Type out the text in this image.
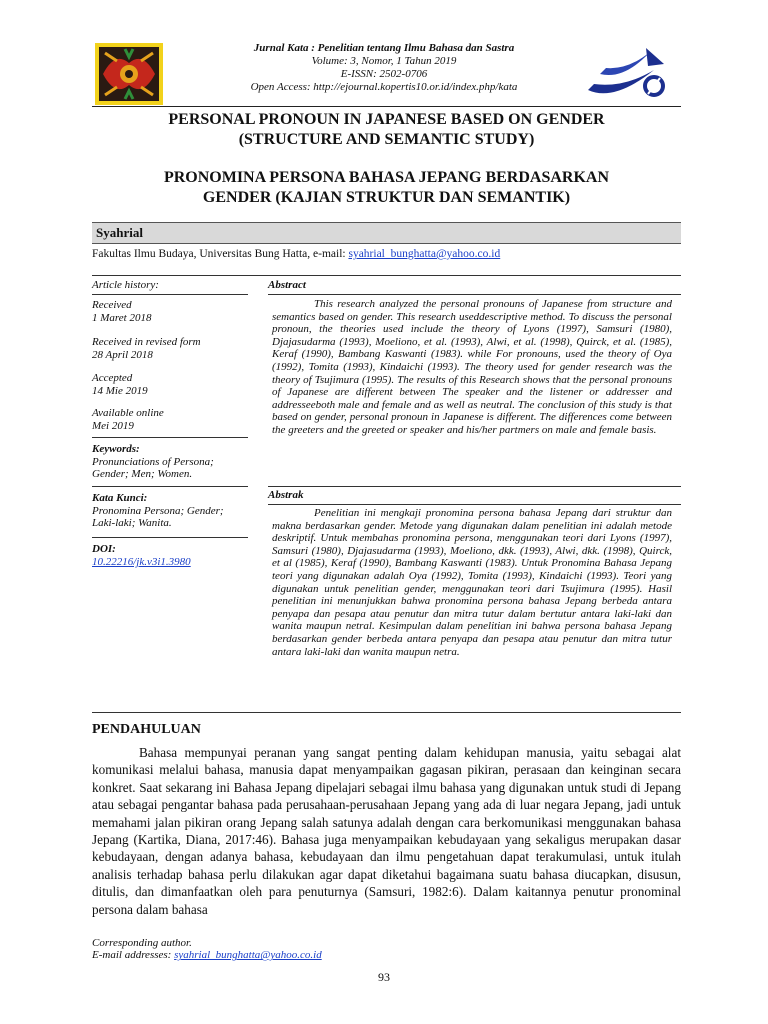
Jurnal Kata : Penelitian tentang Ilmu Bahasa dan Sastra
Volume: 3, Nomor, 1 Tahun 2019
E-ISSN: 2502-0706
Open Access: http://ejournal.kopertis10.or.id/index.php/kata
PERSONAL PRONOUN IN JAPANESE BASED ON GENDER
(STRUCTURE AND SEMANTIC STUDY)
PRONOMINA PERSONA BAHASA JEPANG BERDASARKAN
GENDER (KAJIAN STRUKTUR DAN SEMANTIK)
Syahrial
Fakultas Ilmu Budaya, Universitas Bung Hatta, e-mail: syahrial_bunghatta@yahoo.co.id
Article history:
Received
1 Maret 2018
Received in revised form
28 April 2018
Accepted
14 Mie 2019
Available online
Mei 2019
Keywords:
Pronunciations of Persona; Gender; Men; Women.
Kata Kunci:
Pronomina Persona; Gender; Laki-laki; Wanita.
DOI:
10.22216/jk.v3i1.3980
Abstract
This research analyzed the personal pronouns of Japanese from structure and semantics based on gender. This research useddescriptive method. To discuss the personal pronoun, the theories used include the theory of Lyons (1997), Samsuri (1980), Djajasudarma (1993), Moeliono, et al. (1993), Alwi, et al. (1998), Quirck, et al. (1985), Keraf (1990), Bambang Kaswanti (1983). while For pronouns, used the theory of Oya (1992), Tomita (1993), Kindaichi (1993). The theory used for gender research was the theory of Tsujimura (1995). The results of this Research shows that the personal pronouns of Japanese are different between The speaker and the listener or addresser and addresseeboth male and female and as well as neutral. The conclusion of this study is that based on gender, personal pronoun in Japanese is different. The differences come between the greeters and the greeted or speaker and his/her partmers on male and female basis.
Abstrak
Penelitian ini mengkaji pronomina persona bahasa Jepang dari struktur dan makna berdasarkan gender. Metode yang digunakan dalam penelitian ini adalah metode deskriptif. Untuk membahas pronomina persona, menggunakan teori dari Lyons (1997), Samsuri (1980), Djajasudarma (1993), Moeliono, dkk. (1993), Alwi, dkk. (1998), Quirck, et al (1985), Keraf (1990), Bambang Kaswanti (1983). Untuk Pronomina Bahasa Jepang teori yang digunakan adalah Oya (1992), Tomita (1993), Kindaichi (1993). Teori yang digunakan untuk penelitian gender, menggunakan teori dari Tsujimura (1995). Hasil penelitian ini menunjukkan bahwa pronomina persona bahasa Jepang berbeda antara penyapa dan pesapa atau penutur dan mitra tutur dalam bertutur antara laki-laki dan wanita maupun netral. Kesimpulan dalam penelitian ini bahwa persona bahasa Jepang berdasarkan gender berbeda antara penyapa dan pesapa atau penutur dan mitra tutur antara laki-laki dan wanita maupun netra.
PENDAHULUAN
Bahasa mempunyai peranan yang sangat penting dalam kehidupan manusia, yaitu sebagai alat komunikasi melalui bahasa, manusia dapat menyampaikan gagasan pikiran, perasaan dan keinginan secara konkret. Saat sekarang ini Bahasa Jepang dipelajari sebagai ilmu bahasa yang digunakan untuk studi di Jepang atau sebagai pengantar bahasa pada perusahaan-perusahaan Jepang yang ada di luar negara Jepang, jadi untuk memahami jalan pikiran orang Jepang salah satunya adalah dengan cara berkomunikasi menggunakan bahasa Jepang (Kartika, Diana, 2017:46). Bahasa juga menyampaikan kebudayaan yang sekaligus merupakan dasar kebudayaan, dengan adanya bahasa, kebudayaan dan ilmu pengetahuan dapat terakumulasi, untuk itulah analisis terhadap bahasa perlu dilakukan agar dapat diketahui bagaimana suatu bahasa diucapkan, disusun, ditulis, dan dimanfaatkan oleh para penuturnya (Samsuri, 1982:6). Dalam kaitannya penutur pronominal persona dalam bahasa
Corresponding author.
E-mail addresses: syahrial_bunghatta@yahoo.co.id
93
